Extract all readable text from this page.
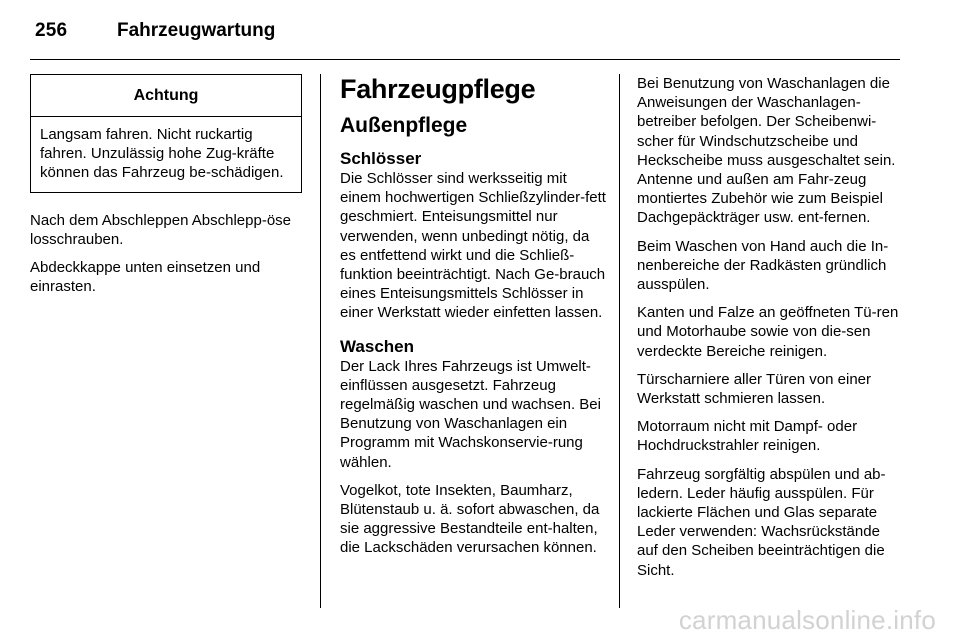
256	Fahrzeugwartung
Achtung
Langsam fahren. Nicht ruckartig fahren. Unzulässig hohe Zug-kräfte können das Fahrzeug be-schädigen.

Nach dem Abschleppen Abschlepp-öse losschrauben.

Abdeckkappe unten einsetzen und einrasten.

Fahrzeugpflege
Außenpflege
Schlösser

Die Schlösser sind werksseitig mit einem hochwertigen Schließzylinder-fett geschmiert. Enteisungsmittel nur verwenden, wenn unbedingt nötig, da es entfettend wirkt und die Schließ-funktion beeinträchtigt. Nach Ge-brauch eines Enteisungsmittels Schlösser in einer Werkstatt wieder einfetten lassen.

Waschen

Der Lack Ihres Fahrzeugs ist Umwelt-einflüssen ausgesetzt. Fahrzeug regelmäßig waschen und wachsen. Bei Benutzung von Waschanlagen ein Programm mit Wachskonservie-rung wählen.

Vogelkot, tote Insekten, Baumharz, Blütenstaub u. ä. sofort abwaschen, da sie aggressive Bestandteile ent-halten, die Lackschäden verursachen können.

Bei Benutzung von Waschanlagen die Anweisungen der Waschanlagen-betreiber befolgen. Der Scheibenwi-scher für Windschutzscheibe und Heckscheibe muss ausgeschaltet sein. Antenne und außen am Fahr-zeug montiertes Zubehör wie zum Beispiel Dachgepäckträger usw. ent-fernen.

Beim Waschen von Hand auch die In-nenbereiche der Radkästen gründlich ausspülen.

Kanten und Falze an geöffneten Tü-ren und Motorhaube sowie von die-sen verdeckte Bereiche reinigen.

Türscharniere aller Türen von einer Werkstatt schmieren lassen.

Motorraum nicht mit Dampf- oder Hochdruckstrahler reinigen.

Fahrzeug sorgfältig abspülen und ab-ledern. Leder häufig ausspülen. Für lackierte Flächen und Glas separate Leder verwenden: Wachsrückstände auf den Scheiben beeinträchtigen die Sicht.

carmanualsonline.info
